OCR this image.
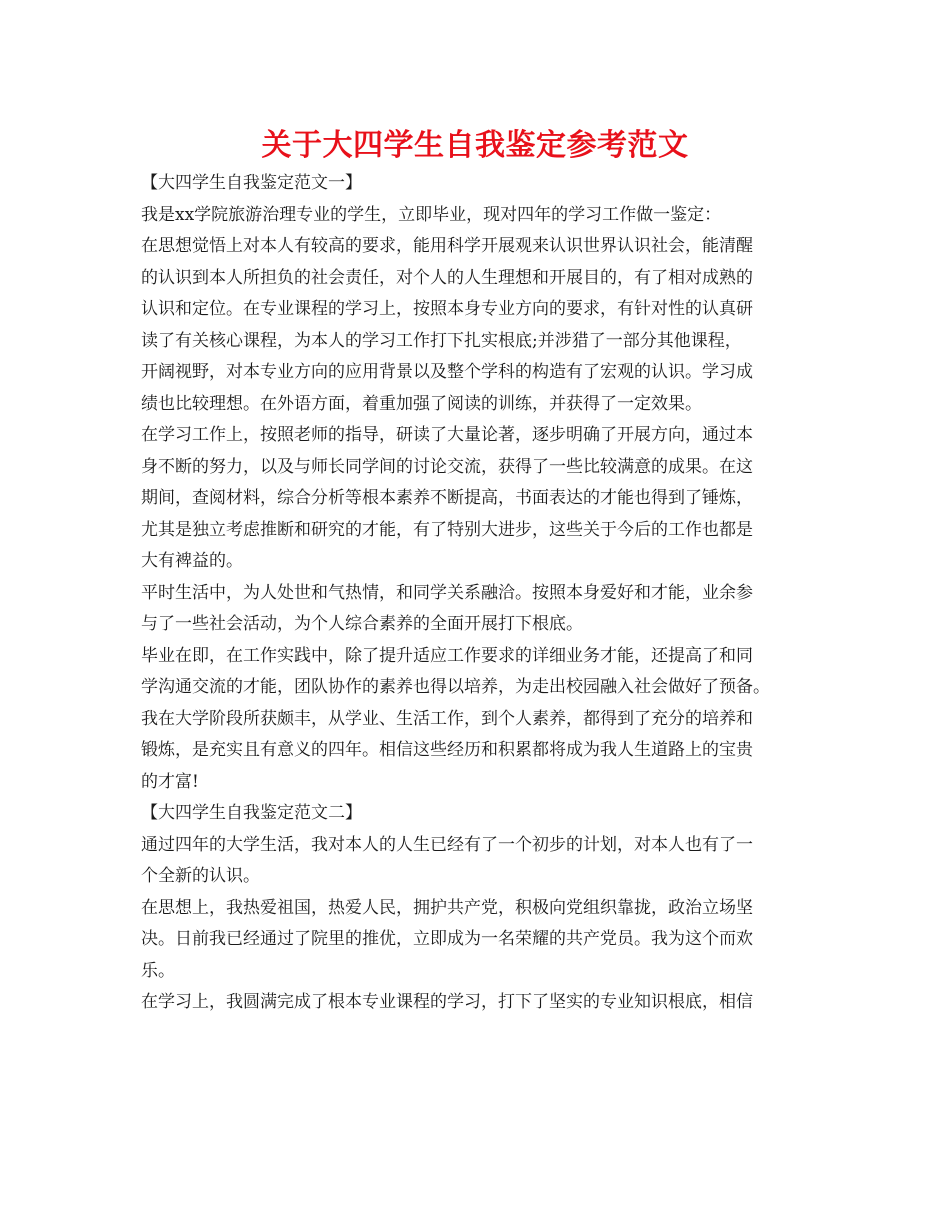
关于大四学生自我鉴定参考范文
【大四学生自我鉴定范文一】
我是xx学院旅游治理专业的学生，立即毕业，现对四年的学习工作做一鉴定：
在思想觉悟上对本人有较高的要求，能用科学开展观来认识世界认识社会，能清醒
的认识到本人所担负的社会责任，对个人的人生理想和开展目的，有了相对成熟的
认识和定位。在专业课程的学习上，按照本身专业方向的要求，有针对性的认真研
读了有关核心课程，为本人的学习工作打下扎实根底;并涉猎了一部分其他课程，
开阔视野，对本专业方向的应用背景以及整个学科的构造有了宏观的认识。学习成
绩也比较理想。在外语方面，着重加强了阅读的训练，并获得了一定效果。
在学习工作上，按照老师的指导，研读了大量论著，逐步明确了开展方向，通过本
身不断的努力，以及与师长同学间的讨论交流，获得了一些比较满意的成果。在这
期间，查阅材料，综合分析等根本素养不断提高，书面表达的才能也得到了锤炼，
尤其是独立考虑推断和研究的才能，有了特别大进步，这些关于今后的工作也都是
大有裨益的。
平时生活中，为人处世和气热情，和同学关系融洽。按照本身爱好和才能，业余参
与了一些社会活动，为个人综合素养的全面开展打下根底。
毕业在即，在工作实践中，除了提升适应工作要求的详细业务才能，还提高了和同
学沟通交流的才能，团队协作的素养也得以培养，为走出校园融入社会做好了预备。
我在大学阶段所获颇丰，从学业、生活工作，到个人素养，都得到了充分的培养和
锻炼，是充实且有意义的四年。相信这些经历和积累都将成为我人生道路上的宝贵
的才富!
【大四学生自我鉴定范文二】
通过四年的大学生活，我对本人的人生已经有了一个初步的计划，对本人也有了一
个全新的认识。
在思想上，我热爱祖国，热爱人民，拥护共产党，积极向党组织靠拢，政治立场坚
决。日前我已经通过了院里的推优，立即成为一名荣耀的共产党员。我为这个而欢
乐。
在学习上，我圆满完成了根本专业课程的学习，打下了坚实的专业知识根底，相信
